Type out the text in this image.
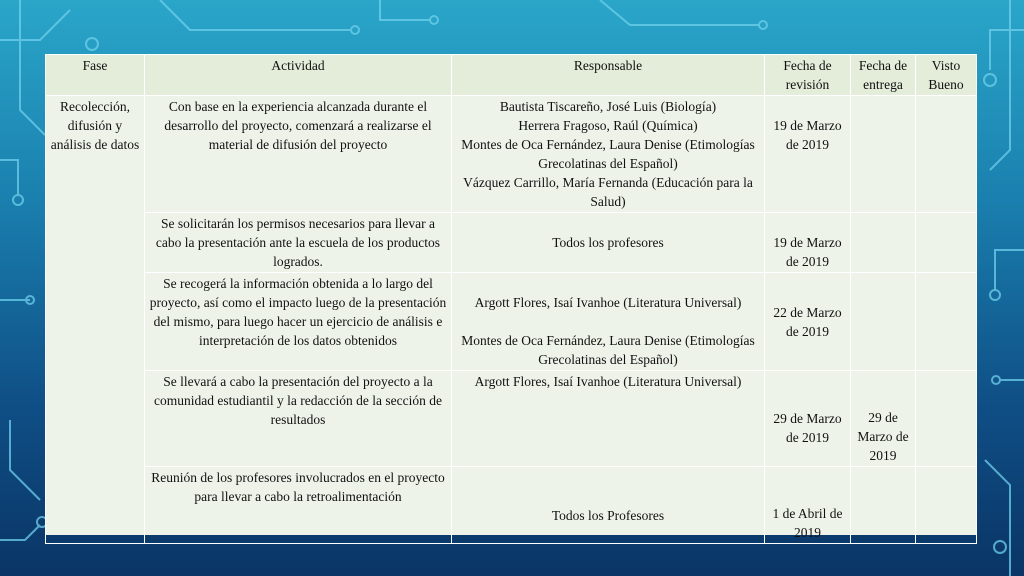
Fase	Actividad	Responsable	Fecha de revisión	Fecha de entrega	Visto Bueno
Recolección, difusión y análisis de datos	Con base en la experiencia alcanzada durante el desarrollo del proyecto, comenzará a realizarse el material de difusión del proyecto	Bautista Tiscareño, José Luis (Biología)
Herrera Fragoso, Raúl (Química)
Montes de Oca Fernández, Laura Denise (Etimologías Grecolatinas del Español)
Vázquez Carrillo, María Fernanda (Educación para la Salud)	19 de Marzo de 2019		
	Se solicitarán los permisos necesarios para llevar a cabo la presentación ante la escuela de los productos logrados.	Todos los profesores	19 de Marzo de 2019		
	Se recogerá la información obtenida a lo largo del proyecto, así como el impacto luego de la presentación del mismo, para luego hacer un ejercicio de análisis e interpretación de los datos obtenidos	Argott Flores, Isaí Ivanhoe (Literatura Universal)
Montes de Oca Fernández, Laura Denise (Etimologías Grecolatinas del Español)	22 de Marzo de 2019		
	Se llevará a cabo la presentación del proyecto a la comunidad estudiantil y la redacción de la sección de resultados	Argott Flores, Isaí Ivanhoe (Literatura Universal)	29 de Marzo de 2019	29 de Marzo de 2019	
	Reunión de los profesores involucrados en el proyecto para llevar a cabo la retroalimentación	Todos los Profesores	1 de Abril de 2019		
